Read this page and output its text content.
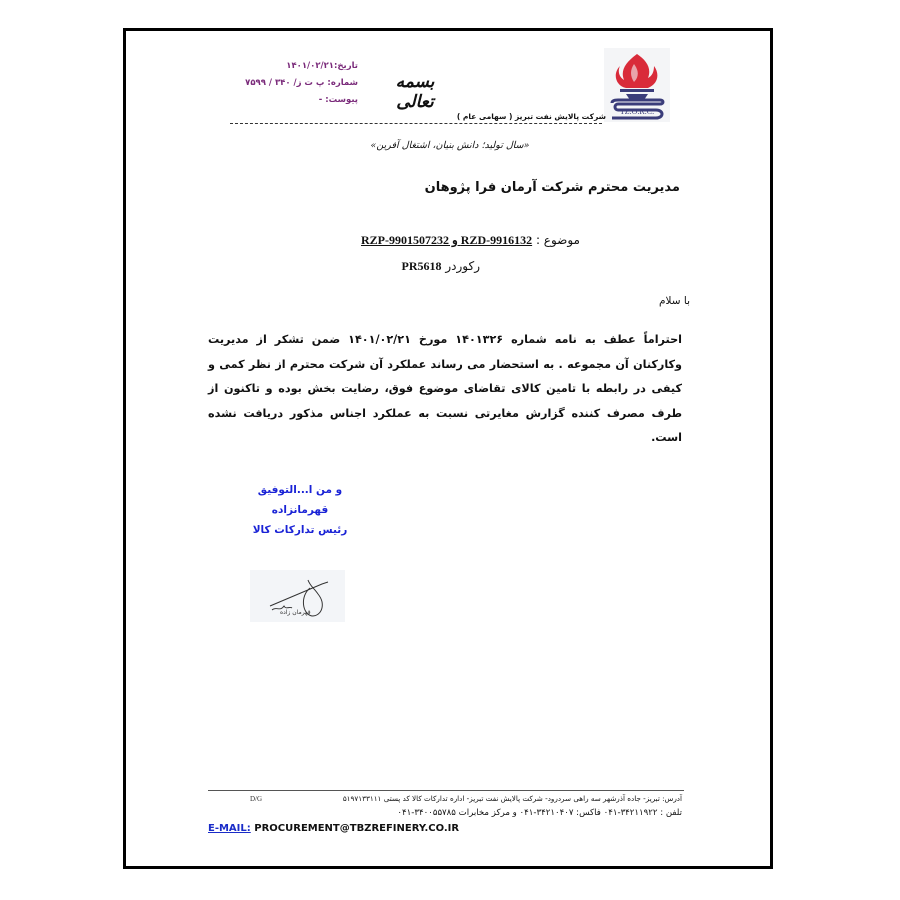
تاریخ:۱۴۰۱/۰۲/۲۱
شماره: پ ت ز/ ۳۴۰ / ۷۵۹۹
پیوست: -
بسمه تعالی	TZ.O.R.C.
شرکت پالایش نفت تبریز ( سهامی عام )
«سال تولید؛ دانش بنیان، اشتغال آفرین»
مدیریت محترم شرکت آرمان فرا پژوهان
موضوع : RZD-9916132 و RZP-9901507232
رکوردر PR5618
با سلام
احتراماً عطف به نامه شماره ۱۴۰۱۳۲۶ مورخ ۱۴۰۱/۰۲/۲۱ ضمن تشکر از مدیریت وکارکنان آن مجموعه . به استحضار می رساند عملکرد آن شرکت محترم از نظر کمی و کیفی در رابطه با تامین کالای تقاضای موضوع فوق، رضایت بخش بوده و تاکنون از طرف مصرف کننده گزارش مغایرتی نسبت به عملکرد اجناس مذکور دریافت نشده است.
و من ا...التوفیق
قهرمانزاده
رئیس تدارکات کالا
قهرمان زاده
D/G	آدرس: تبریز- جاده آذرشهر سه راهی سردرود- شرکت پالایش نفت تبریز- اداره تدارکات کالا کد پستی ۵۱۹۷۱۳۳۱۱۱
تلفن : ۳۴۲۱۱۹۲۲-۰۴۱ فاکس: ۳۴۲۱۰۴۰۷-۰۴۱ و مرکز مخابرات ۳۴۰۰۵۵۷۸۵-۰۴۱
E-MAIL: PROCUREMENT@TBZREFINERY.CO.IR
